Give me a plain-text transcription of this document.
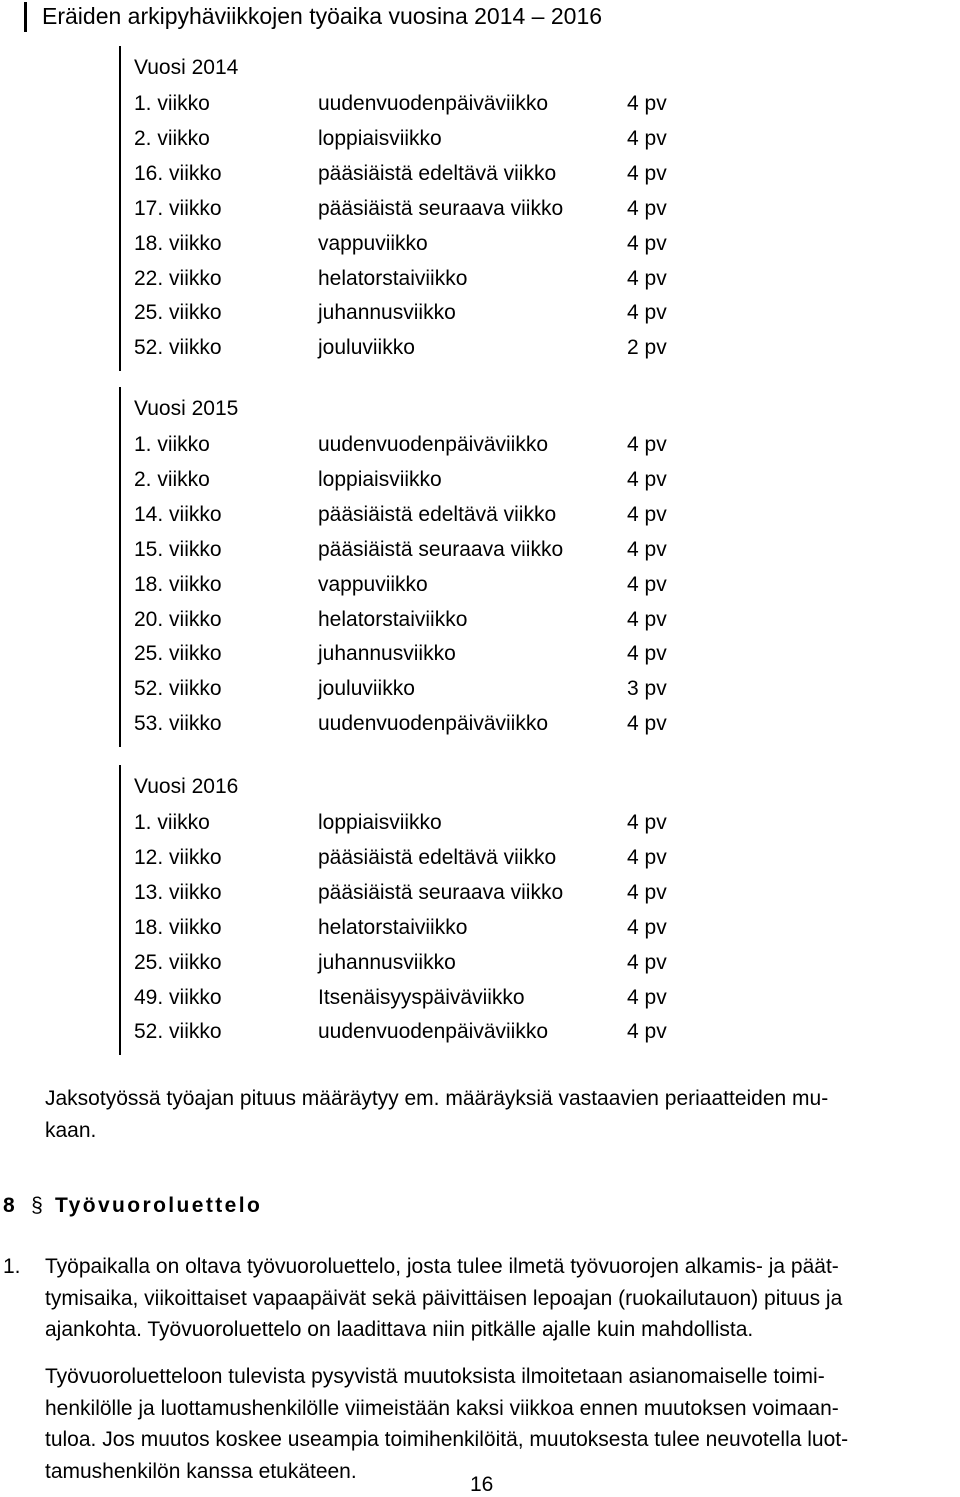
Eräiden arkipyhäviikkojen työaika vuosina 2014 – 2016
Vuosi 2014
1. viikko	uudenvuodenpäiväviikko	4 pv
2. viikko	loppiaisviikko	4 pv
16. viikko	pääsiäistä edeltävä viikko	4 pv
17. viikko	pääsiäistä seuraava viikko	4 pv
18. viikko	vappuviikko	4 pv
22. viikko	helatorstaiviikko	4 pv
25. viikko	juhannusviikko	4 pv
52. viikko	jouluviikko	2 pv
Vuosi 2015
1. viikko	uudenvuodenpäiväviikko	4 pv
2. viikko	loppiaisviikko	4 pv
14. viikko	pääsiäistä edeltävä viikko	4 pv
15. viikko	pääsiäistä seuraava viikko	4 pv
18. viikko	vappuviikko	4 pv
20. viikko	helatorstaiviikko	4 pv
25. viikko	juhannusviikko	4 pv
52. viikko	jouluviikko	3 pv
53. viikko	uudenvuodenpäiväviikko	4 pv
Vuosi 2016
1. viikko	loppiaisviikko	4 pv
12. viikko	pääsiäistä edeltävä viikko	4 pv
13. viikko	pääsiäistä seuraava viikko	4 pv
18. viikko	helatorstaiviikko	4 pv
25. viikko	juhannusviikko	4 pv
49. viikko	Itsenäisyyspäiväviikko	4 pv
52. viikko	uudenvuodenpäiväviikko	4 pv
Jaksotyössä työajan pituus määräytyy em. määräyksiä vastaavien periaatteiden mu-
kaan.
8 § Työvuoroluettelo
1. Työpaikalla on oltava työvuoroluettelo, josta tulee ilmetä työvuorojen alkamis- ja päät-
tymisaika, viikoittaiset vapaapäivät sekä päivittäisen lepoajan (ruokailutauon) pituus ja
ajankohta. Työvuoroluettelo on laadittava niin pitkälle ajalle kuin mahdollista.
Työvuoroluetteloon tulevista pysyvistä muutoksista ilmoitetaan asianomaiselle toimi-
henkilölle ja luottamushenkilölle viimeistään kaksi viikkoa ennen muutoksen voimaan-
tuloa. Jos muutos koskee useampia toimihenkilöitä, muutoksesta tulee neuvotella luot-
tamushenkilön kanssa etukäteen.
16
